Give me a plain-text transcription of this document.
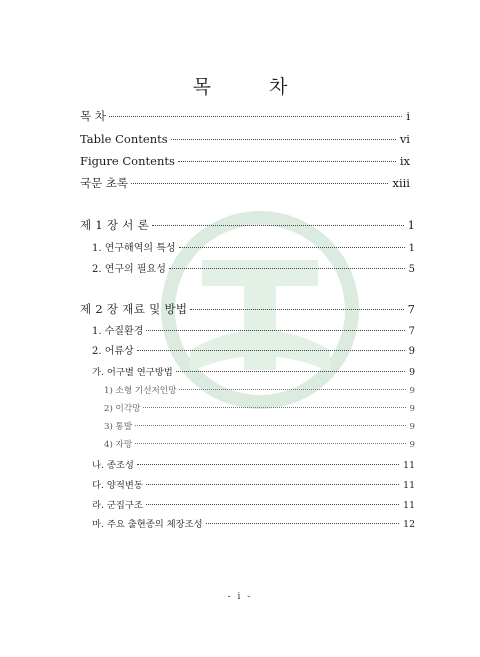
목 차
목 차	i
Table Contents	vi
Figure Contents	ix
국문 초록	xiii
제 1 장 서 론	1
1. 연구해역의 특성	1
2. 연구의 필요성	5
제 2 장 재료 및 방법	7
1. 수질환경	7
2. 어류상	9
가. 어구별 연구방법	9
1) 소형 기선저인망	9
2) 이각망	9
3) 통발	9
4) 자망	9
나. 종조성	11
다. 양적변동	11
라. 군집구조	11
마. 주요 출현종의 체장조성	12
- i -
